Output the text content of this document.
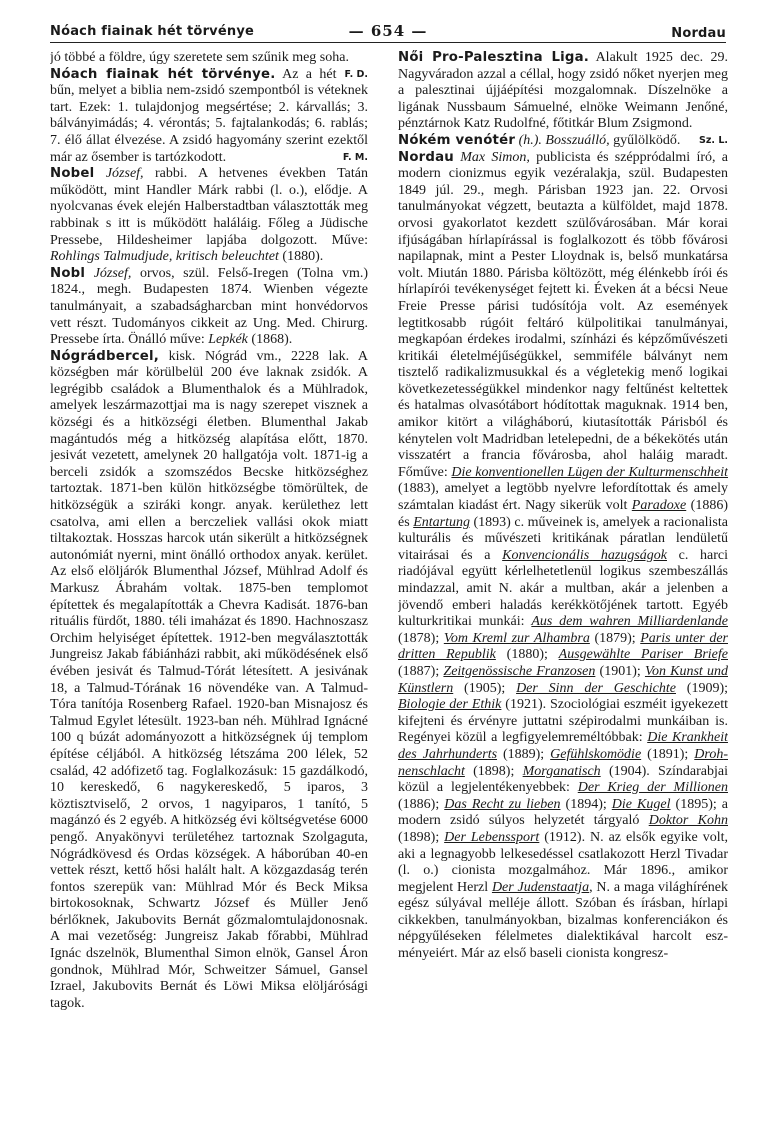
Nóach fiainak hét törvénye	— 654 —	Nordau

jó többé a földre, úgy szeretete sem szűnik meg soha.
F. D.

Nóach fiainak hét törvénye. Az a hét bűn, melyet a biblia nem-zsidó szempontból is véteknek tart. Ezek: 1. tulajdonjog megsértése; 2. kárvallás; 3. bálványimádás; 4. vérontás; 5. fajtalankodás; 6. rablás; 7. élő állat élvezése. A zsidó hagyomány szerint ezektől már az ősember is tartózkodott.	F. M.

Nobel József, rabbi. A hetvenes években Tatán működött, mint Handler Márk rabbi (l. o.), elődje. A nyolcvanas évek elején Halberstadtban választották meg rabbinak s itt is működött haláláig. Főleg a Jüdische Pressebe, Hildesheimer lapjába dolgozott. Műve: Rohlings Talmudjude, kritisch beleuchtet (1880).

Nobl József, orvos, szül. Felső-Iregen (Tolna vm.) 1824., megh. Budapesten 1874. Wienben végezte tanulmányait, a szabadságharcban mint honvédorvos vett részt. Tudományos cikkeit az Ung. Med. Chirurg. Pressebe írta. Önálló műve: Lepkék (1868).

Nógrádbercel, kisk. Nógrád vm., 2228 lak. A községben már körülbelül 200 éve laknak zsidók. A legrégibb családok a Blumenthalok és a Mühlradok, amelyek leszármazottjai ma is nagy szerepet visznek a községi és a hitközségi életben. Blumenthal Jakab magántudós még a hitközség alapítása előtt, 1870. jesivát vezetett, amelynek 20 hallgatója volt. 1871-ig a berceli zsidók a szomszédos Becske hitközséghez tartoztak. 1871-ben külön hitközségbe tömörültek, de hitközségük a sziráki kongr. anyak. kerülethez lett csatolva, ami ellen a berczeliek vallási okok miatt tiltakoztak. Hosszas harcok után sikerült a hitközségnek autonómiát nyerni, mint önálló orthodox anyak. kerület. Az első elöljárók Blumenthal József, Mühlrad Adolf és Markusz Ábrahám voltak. 1875-ben templomot építettek és megalapították a Chevra Kadisát. 1876-ban rituális fürdőt, 1880. téli imaházat és 1890. Hachnoszasz Orchim helyiséget építettek. 1912-ben megválasztották Jungreisz Jakab fábiánházi rabbit, aki működésének első évében jesivát és Talmud-Tórát létesített. A jesivának 18, a Talmud-Tórának 16 növendéke van. A Talmud-Tóra tanítója Rosenberg Rafael. 1920-ban Misnajosz és Talmud Egylet létesült. 1923-ban néh. Mühlrad Ignácné 100 q búzát adományozott a hitközségnek új templom építése céljából. A hitközség létszáma 200 lélek, 52 család, 42 adófizető tag. Foglalkozásuk: 15 gazdálkodó, 10 kereskedő, 6 nagykereskedő, 5 iparos, 3 köztisztviselő, 2 orvos, 1 nagyiparos, 1 tanító, 5 magánzó és 2 egyéb. A hitközség évi költségvetése 6000 pengő. Anyakönyvi területéhez tartoznak Szolgaguta, Nógrádkövesd és Ordas községek. A háborúban 40-en vettek részt, kettő hősi halált halt. A közgazdaság terén fontos szerepük van: Mühlrad Mór és Beck Miksa birtokosoknak, Schwartz József és Müller Jenő bérlőknek, Jakubovits Bernát gőzmalomtulajdonosnak. A mai vezetőség: Jungreisz Jakab főrabbi, Mühlrad Ignác dszelnök, Blumenthal Simon elnök, Gansel Áron gondnok, Mühlrad Mór, Schweitzer Sámuel, Gansel Izrael, Jakubovits Bernát és Löwi Miksa elöljárósági tagok.

Női Pro-Palesztina Liga. Alakult 1925 dec. 29. Nagyváradon azzal a céllal, hogy zsidó nőket nyerjen meg a palesztinai újjáépítési mozgalomnak. Díszelnöke a ligának Nussbaum Sámuelné, elnöke Weimann Jenőné, pénztárnok Katz Rudolfné, főtitkár Blum Zsigmond.
Sz. L.

Nókém venótér (h.). Bosszuálló, gyűlölködő.

Nordau Max Simon, publicista és széppródalmi író, a modern cionizmus egyik vezéralakja, szül. Budapesten 1849 júl. 29., megh. Párisban 1923 jan. 22. Orvosi tanulmányokat végzett, beutazta a külföldet, majd 1878. orvosi gyakorlatot kezdett szülővárosában. Már korai ifjúságában hírlapírással is foglalkozott és több fővárosi napilapnak, mint a Pester Lloydnak is, belső munkatársa volt. Miután 1880. Párisba költözött, még élénkebb írói és hírlapírói tevékenységet fejtett ki. Éveken át a bécsi Neue Freie Presse párisi tudósítója volt. Az események legtitkosabb rúgóit feltáró külpolitikai tanulmányai, megkapóan érdekes irodalmi, színházi és képzőművészeti kritikái életelméjűségükkel, semmiféle bálványt nem tisztelő radikalizmusukkal és a végletekig menő logikai következetességükkel mindenkor nagy feltűnést keltettek és hatalmas olvasótábort hódítottak maguknak. 1914 ben, amikor kitört a világháború, kiutasították Párisból és kénytelen volt Madridban letelepedni, de a békekötés után visszatért a francia fővárosba, ahol haláig maradt. Főműve: Die konventionellen Lügen der Kulturmenschheit (1883), amelyet a legtöbb nyelvre lefordítottak és amely számtalan kiadást ért. Nagy sikerük volt Paradoxe (1886) és Entartung (1893) c. műveinek is, amelyek a racionalista kulturális és művészeti kritikának páratlan lendületű vitairásai és a Konvencionális hazugságok c. harci riadójával együtt kérlelhetetlenül logikus szembeszállás mindazzal, amit N. akár a multban, akár a jelenben a jövendő emberi haladás kerékkötőjének tartott. Egyéb kulturkritikai munkái: Aus dem wahren Milliardenlande (1878); Vom Kreml zur Alhambra (1879); Paris unter der dritten Republik (1880); Ausgewählte Pariser Briefe (1887); Zeitgenössische Franzosen (1901); Von Kunst und Künstlern (1905); Der Sinn der Geschichte (1909); Biologie der Ethik (1921). Szociológiai eszméit igyekezett kifejteni és érvényre juttatni szépirodalmi munkáiban is. Regényei közül a legfigyelemreméltóbbak: Die Krankheit des Jahrhunderts (1889); Gefühlskomödie (1891); Drohnenschlacht (1898); Morganatisch (1904). Színdarabjai közül a legjelentékenyebbek: Der Krieg der Millionen (1886); Das Recht zu lieben (1894); Die Kugel (1895); a modern zsidó súlyos helyzetét tárgyaló Doktor Kohn (1898); Der Lebenssport (1912). N. az elsők egyike volt, aki a legnagyobb lelkesedéssel csatlakozott Herzl Tivadar (l. o.) cionista mozgalmához. Már 1896., amikor megjelent Herzl Der Judenstaatja, N. a maga világhírének egész súlyával melléje állott. Szóban és írásban, hírlapi cikkekben, tanulmányokban, bizalmas konferenciákon és népgyűléseken félelmetes dialektikával harcolt eszményeiért. Már az első baseli cionista kongresz-
